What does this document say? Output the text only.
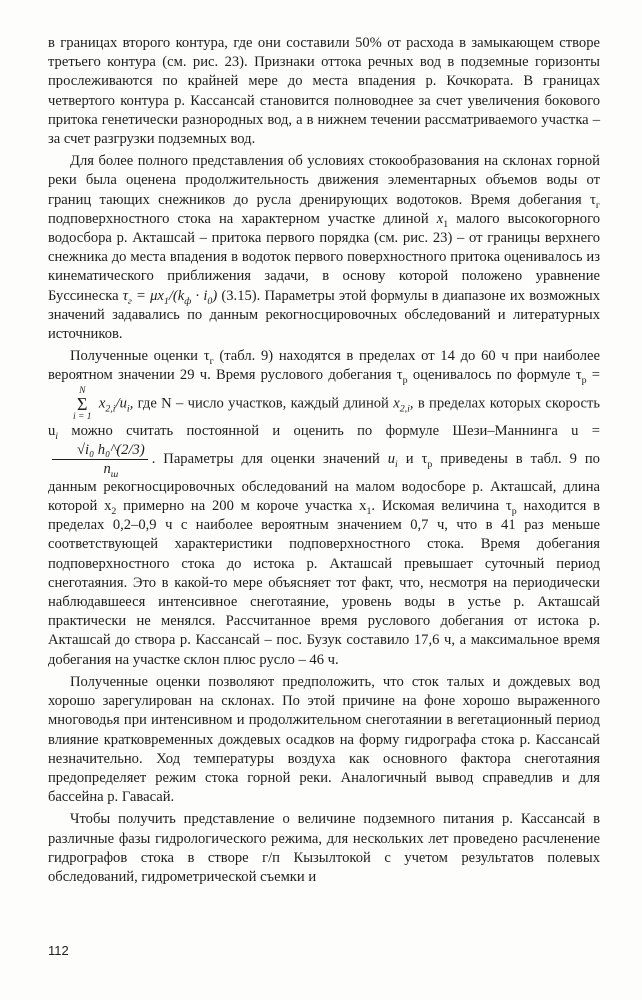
в границах второго контура, где они составили 50% от расхода в замыкающем створе третьего контура (см. рис. 23). Признаки оттока речных вод в подземные горизонты прослеживаются по крайней мере до места впадения р. Кочкората. В границах четвертого контура р. Кассансай становится полноводнее за счет увеличения бокового притока генетически разнородных вод, а в нижнем течении рассматриваемого участка – за счет разгрузки подземных вод.

Для более полного представления об условиях стокообразования на склонах горной реки была оценена продолжительность движения элементарных объемов воды от границ тающих снежников до русла дренирующих водотоков. Время добегания $\tau_г$ подповерхностного стока на характерном участке длиной $x_1$ малого высокогорного водосбора р. Акташсай – притока первого порядка (см. рис. 23) – от границы верхнего снежника до места впадения в водоток первого поверхностного притока оценивалось из кинематического приближения задачи, в основу которой положено уравнение Буссинеска $\tau_г = \mu x_1/(k_ф \cdot i_0)$ (3.15). Параметры этой формулы в диапазоне их возможных значений задавались по данным рекогносцировочных обследований и литературных источников.

Полученные оценки $\tau_г$ (табл. 9) находятся в пределах от 14 до 60 ч при наиболее вероятном значении 29 ч. Время руслового добегания $\tau_р$ оценивалось по формуле $\tau_р$ =
N
Σ
i = 1
$x_{2,i}/u_i$, где N – число участков, каждый длиной $x_{2,i}$, в пределах которых скорость $u_i$ можно считать постоянной и оценить по формуле Шези–Маннинга u =
$\frac{\text{√i₀ h₀\textasciicircum{}(2/3)}}{n_ш}$ . Параметры для оценки значений $u_i$ и $\tau_р$ приведены в табл. 9 по данным рекогносцировочных обследований на малом водосборе р. Акташсай, длина которой $x_2$ примерно на 200 м короче участка $x_1$. Искомая величина $\tau_р$ находится в пределах 0,2–0,9 ч с наиболее вероятным значением 0,7 ч, что в 41 раз меньше соответствующей характеристики подповерхностного стока. Время добегания подповерхностного стока до истока р. Акташсай превышает суточный период снеготаяния. Это в какой-то мере объясняет тот факт, что, несмотря на периодически наблюдавшееся интенсивное снеготаяние, уровень воды в устье р. Акташсай практически не менялся. Рассчитанное время руслового добегания от истока р. Акташсай до створа р. Кассансай – пос. Бузук составило 17,6 ч, а максимальное время добегания на участке склон плюс русло – 46 ч.

Полученные оценки позволяют предположить, что сток талых и дождевых вод хорошо зарегулирован на склонах. По этой причине на фоне хорошо выраженного многоводья при интенсивном и продолжительном снеготаянии в вегетационный период влияние кратковременных дождевых осадков на форму гидрографа стока р. Кассансай незначительно. Ход температуры воздуха как основного фактора снеготаяния предопределяет режим стока горной реки. Аналогичный вывод справедлив и для бассейна р. Гавасай.

Чтобы получить представление о величине подземного питания р. Кассансай в различные фазы гидрологического режима, для нескольких лет проведено расчленение гидрографов стока в створе г/п Кызылтокой с учетом результатов полевых обследований, гидрометрической съемки и

112
